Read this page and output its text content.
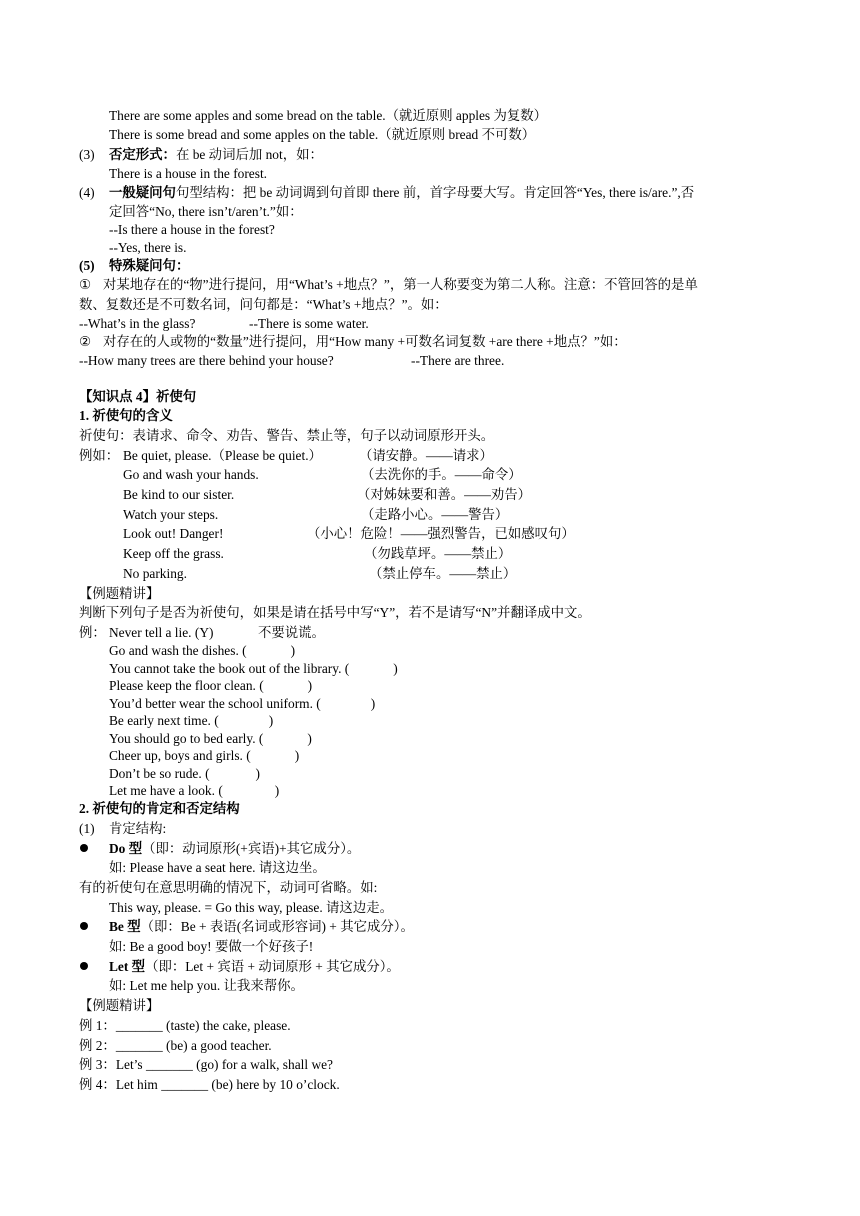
There are some apples and some bread on the table.（就近原则 apples 为复数）
There is some bread and some apples on the table.（就近原则 bread 不可数）
(3) 否定形式：在 be 动词后加 not，如：
There is a house in the forest.
(4) 一般疑问句句型结构：把 be 动词调到句首即 there 前，首字母要大写。肯定回答“Yes, there is/are.”,否
定回答“No, there isn’t/aren’t.”如：
--Is there a house in the forest?
--Yes, there is.
(5) 特殊疑问句：
① 对某地存在的“物”进行提问，用“What’s +地点？”，第一人称要变为第二人称。注意：不管回答的是单
数、复数还是不可数名词，问句都是：“What’s +地点？”。如：
--What’s in the glass?	--There is some water.
② 对存在的人或物的“数量”进行提问，用“How many +可数名词复数 +are there +地点？”如：
--How many trees are there behind your house?	--There are three.
【知识点 4】祈使句
1. 祈使句的含义
祈使句：表请求、命令、劝告、警告、禁止等，句子以动词原形开头。
例如： Be quiet, please.（Please be quiet.）	（请安静。——请求）
Go and wash your hands.	（去洗你的手。——命令）
Be kind to our sister.	（对姊妹要和善。——劝告）
Watch your steps.	（走路小心。——警告）
Look out! Danger!	（小心！危险！——强烈警告，已如感叹句）
Keep off the grass.	（勿践草坪。——禁止）
No parking.	（禁止停车。——禁止）
【例题精讲】
判断下列句子是否为祈使句，如果是请在括号中写“Y”，若不是请写“N”并翻译成中文。
例： Never tell a lie. (Y)	不要说谎。
Go and wash the dishes. (	)
You cannot take the book out of the library. (	)
Please keep the floor clean. (	)
You’d better wear the school uniform. (	)
Be early next time. (	)
You should go to bed early. (	)
Cheer up, boys and girls. (	)
Don’t be so rude. (	)
Let me have a look. (	)
2. 祈使句的肯定和否定结构
(1) 肯定结构:
Do 型（即：动词原形(+宾语)+其它成分）。
如: Please have a seat here. 请这边坐。
有的祈使句在意思明确的情况下，动词可省略。如:
This way, please. = Go this way, please. 请这边走。
Be 型（即：Be + 表语(名词或形容词) + 其它成分）。
如: Be a good boy! 要做一个好孩子!
Let 型（即：Let + 宾语 + 动词原形 + 其它成分）。
如: Let me help you. 让我来帮你。
【例题精讲】
例 1：_______ (taste) the cake, please.
例 2：_______ (be) a good teacher.
例 3：Let’s _______ (go) for a walk, shall we?
例 4：Let him _______ (be) here by 10 o’clock.
